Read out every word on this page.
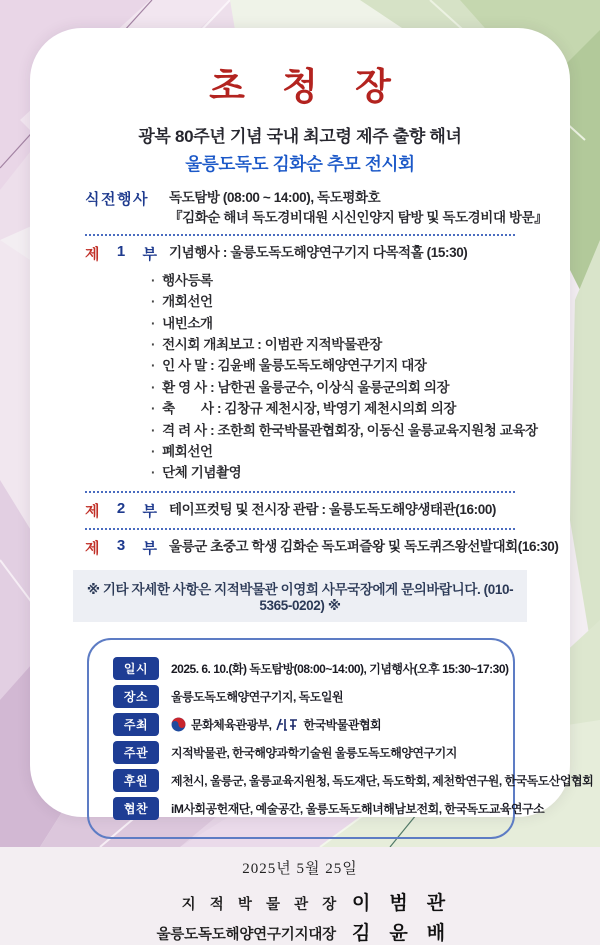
초 청 장
광복 80주년 기념 국내 최고령 제주 출향 해녀
울릉도독도 김화순 추모 전시회
식전행사 독도탐방 (08:00 ~ 14:00), 독도평화호
『김화순 해녀 독도경비대원 시신인양지 탐방 및 독도경비대 방문』
제 1 부 기념행사 : 울릉도독도해양연구기지 다목적홀 (15:30)
· 행사등록
· 개회선언
· 내빈소개
· 전시회 개최보고 : 이범관 지적박물관장
· 인 사 말 : 김윤배 울릉도독도해양연구기지 대장
· 환 영 사 : 남한권 울릉군수, 이상식 울릉군의회 의장
· 축　　사 : 김창규 제천시장, 박영기 제천시의회 의장
· 격 려 사 : 조한희 한국박물관협회장, 이동신 울릉교육지원청 교육장
· 폐회선언
· 단체 기념촬영
제 2 부 테이프컷팅 및 전시장 관람 : 울릉도독도해양생태관(16:00)
제 3 부 울릉군 초중고 학생 김화순 독도퍼즐왕 및 독도퀴즈왕선발대회(16:30)
※ 기타 자세한 사항은 지적박물관 이영희 사무국장에게 문의바랍니다. (010-5365-0202) ※
일시	2025. 6. 10.(화) 독도탐방(08:00~14:00), 기념행사(오후 15:30~17:30)
장소	울릉도독도해양연구기지, 독도일원
주최	문화체육관광부,	한국박물관협회
주관	지적박물관, 한국해양과학기술원 울릉도독도해양연구기지
후원	제천시, 울릉군, 울릉교육지원청, 독도재단, 독도학회, 제천학연구원, 한국독도산업협회
협찬	iM사회공헌재단, 예술공간, 울릉도독도해녀해남보전회, 한국독도교육연구소
2025년 5월 25일
지　적　박　물　관　장 이　범　관
울릉도독도해양연구기지대장 김　윤　배
